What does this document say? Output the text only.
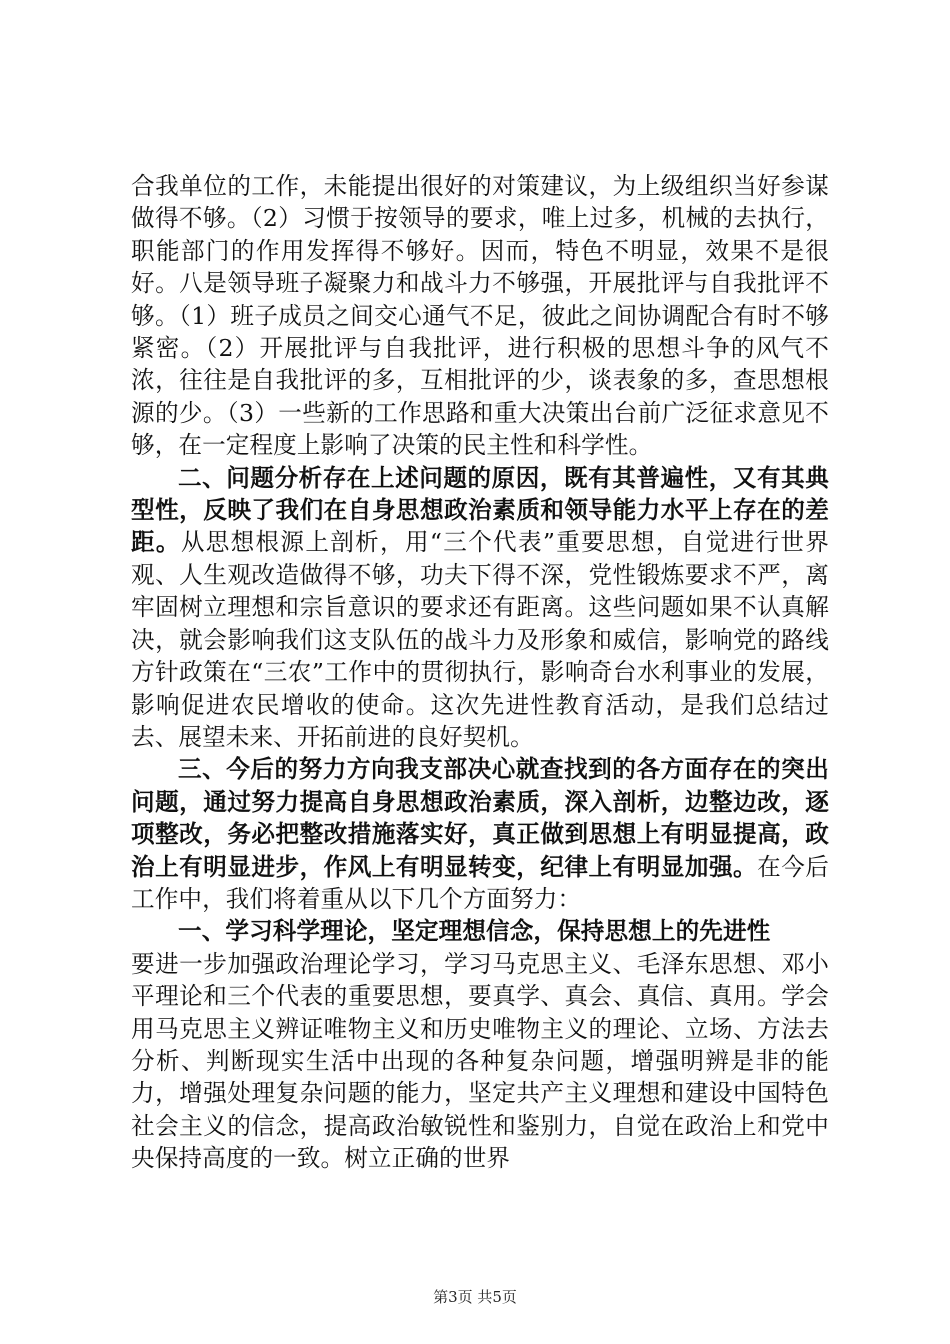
合我单位的工作，未能提出很好的对策建议，为上级组织当好参谋做得不够。（2）习惯于按领导的要求，唯上过多，机械的去执行，职能部门的作用发挥得不够好。因而，特色不明显，效果不是很好。八是领导班子凝聚力和战斗力不够强，开展批评与自我批评不够。（1）班子成员之间交心通气不足，彼此之间协调配合有时不够紧密。（2）开展批评与自我批评，进行积极的思想斗争的风气不浓，往往是自我批评的多，互相批评的少，谈表象的多，查思想根源的少。（3）一些新的工作思路和重大决策出台前广泛征求意见不够，在一定程度上影响了决策的民主性和科学性。

二、问题分析存在上述问题的原因，既有其普遍性，又有其典型性，反映了我们在自身思想政治素质和领导能力水平上存在的差距。从思想根源上剖析，用“三个代表”重要思想，自觉进行世界观、人生观改造做得不够，功夫下得不深，党性锻炼要求不严，离牢固树立理想和宗旨意识的要求还有距离。这些问题如果不认真解决，就会影响我们这支队伍的战斗力及形象和威信，影响党的路线方针政策在“三农”工作中的贯彻执行，影响奇台水利事业的发展，影响促进农民增收的使命。这次先进性教育活动，是我们总结过去、展望未来、开拓前进的良好契机。

三、今后的努力方向我支部决心就查找到的各方面存在的突出问题，通过努力提高自身思想政治素质，深入剖析，边整边改，逐项整改，务必把整改措施落实好，真正做到思想上有明显提高，政治上有明显进步，作风上有明显转变，纪律上有明显加强。在今后工作中，我们将着重从以下几个方面努力：

一、学习科学理论，坚定理想信念，保持思想上的先进性
要进一步加强政治理论学习，学习马克思主义、毛泽东思想、邓小平理论和三个代表的重要思想，要真学、真会、真信、真用。学会用马克思主义辨证唯物主义和历史唯物主义的理论、立场、方法去分析、判断现实生活中出现的各种复杂问题，增强明辨是非的能力，增强处理复杂问题的能力，坚定共产主义理想和建设中国特色社会主义的信念，提高政治敏锐性和鉴别力，自觉在政治上和党中央保持高度的一致。树立正确的世界

第3页 共5页
